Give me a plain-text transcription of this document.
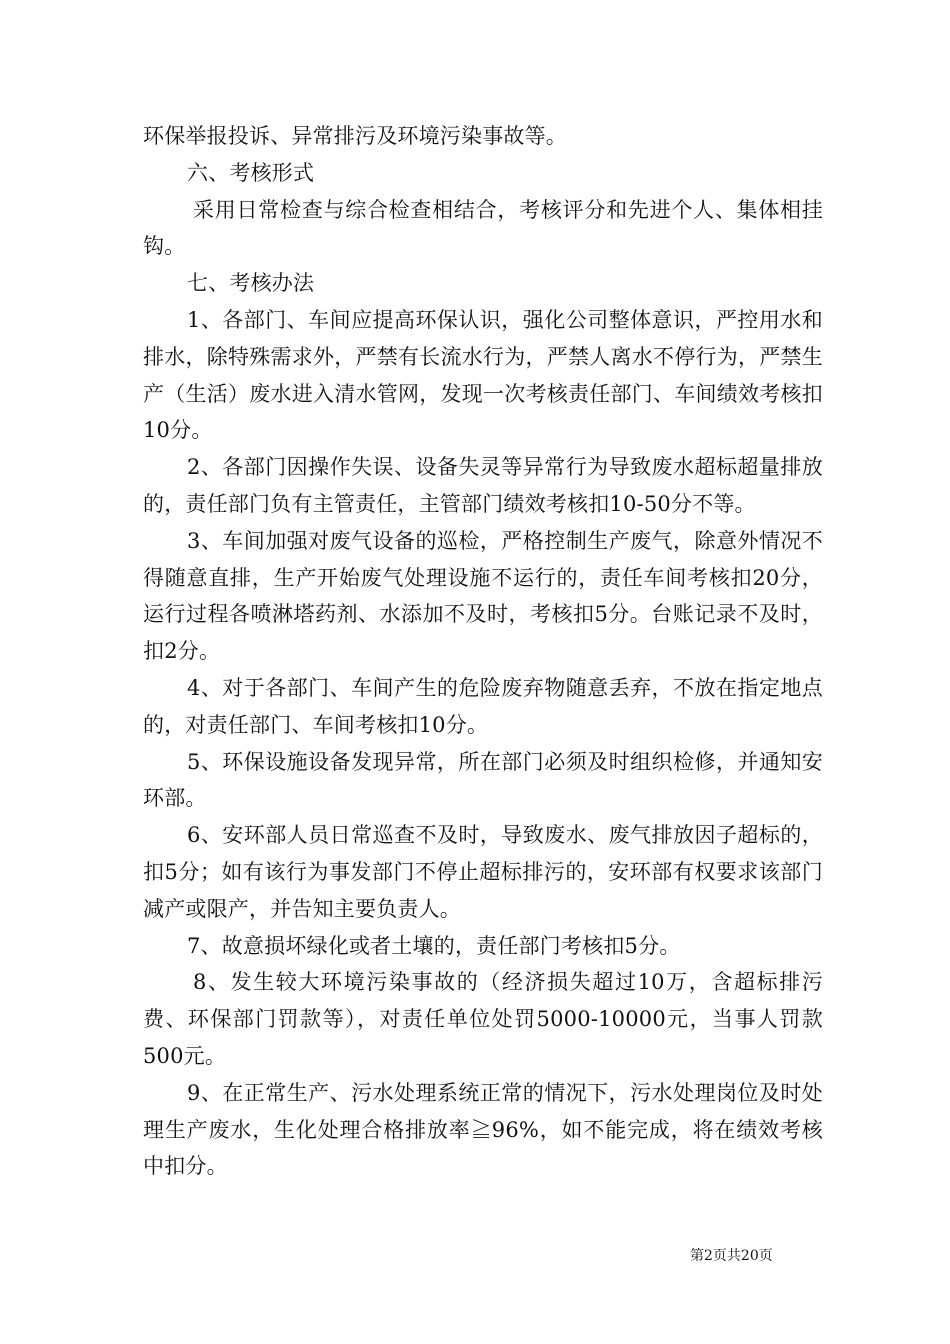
环保举报投诉、异常排污及环境污染事故等。

六、考核形式

采用日常检查与综合检查相结合，考核评分和先进个人、集体相挂钩。

七、考核办法

1、各部门、车间应提高环保认识，强化公司整体意识，严控用水和排水，除特殊需求外，严禁有长流水行为，严禁人离水不停行为，严禁生产（生活）废水进入清水管网，发现一次考核责任部门、车间绩效考核扣10分。

2、各部门因操作失误、设备失灵等异常行为导致废水超标超量排放的，责任部门负有主管责任，主管部门绩效考核扣10-50分不等。

3、车间加强对废气设备的巡检，严格控制生产废气，除意外情况不得随意直排，生产开始废气处理设施不运行的，责任车间考核扣20分，运行过程各喷淋塔药剂、水添加不及时，考核扣5分。台账记录不及时，扣2分。

4、对于各部门、车间产生的危险废弃物随意丢弃，不放在指定地点的，对责任部门、车间考核扣10分。

5、环保设施设备发现异常，所在部门必须及时组织检修，并通知安环部。

6、安环部人员日常巡查不及时，导致废水、废气排放因子超标的，扣5分；如有该行为事发部门不停止超标排污的，安环部有权要求该部门减产或限产，并告知主要负责人。

7、故意损坏绿化或者土壤的，责任部门考核扣5分。

8、发生较大环境污染事故的（经济损失超过10万，含超标排污费、环保部门罚款等），对责任单位处罚5000-10000元，当事人罚款500元。

9、在正常生产、污水处理系统正常的情况下，污水处理岗位及时处理生产废水，生化处理合格排放率≧96%，如不能完成，将在绩效考核中扣分。

第2页共20页
